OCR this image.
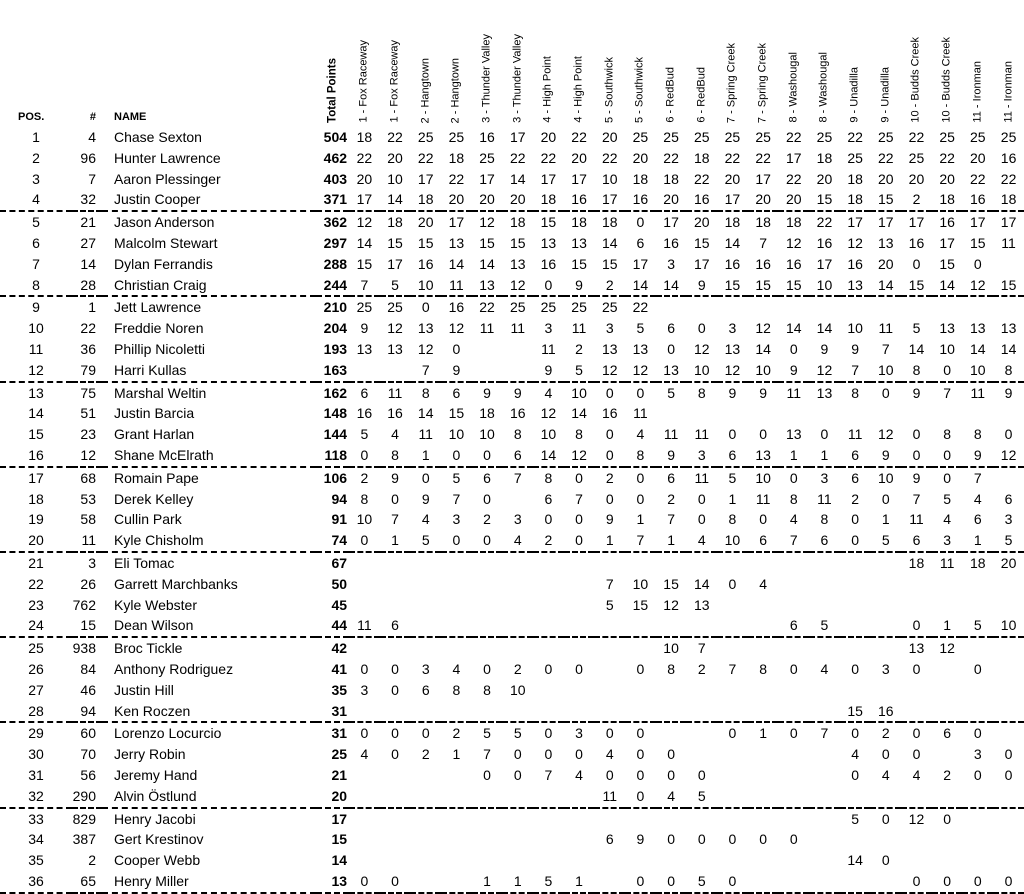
POS.	#	NAME	Total Points	1 - Fox Raceway	1 - Fox Raceway	2 - Hangtown	2 - Hangtown	3 - Thunder Valley	3 - Thunder Valley	4 - High Point	4 - High Point	5 - Southwick	5 - Southwick	6 - RedBud	6 - RedBud	7 - Spring Creek	7 - Spring Creek	8 - Washougal	8 - Washougal	9 - Unadilla	9 - Unadilla	10 - Budds Creek	10 - Budds Creek	11 - Ironman	11 - Ironman

1	4	Chase Sexton	504	18	22	25	25	16	17	20	22	20	25	25	25	25	25	22	25	22	25	22	25	25	25
2	96	Hunter Lawrence	462	22	20	22	18	25	22	22	20	22	20	22	18	22	22	17	18	25	22	25	22	20	16
3	7	Aaron Plessinger	403	20	10	17	22	17	14	17	17	10	18	18	22	20	17	22	20	18	20	20	20	22	22
4	32	Justin Cooper	371	17	14	18	20	20	20	18	16	17	16	20	16	17	20	20	15	18	15	2	18	16	18
5	21	Jason Anderson	362	12	18	20	17	12	18	15	18	18	0	17	20	18	18	18	22	17	17	17	16	17	17
6	27	Malcolm Stewart	297	14	15	15	13	15	15	13	13	14	6	16	15	14	7	12	16	12	13	16	17	15	11
7	14	Dylan Ferrandis	288	15	17	16	14	14	13	16	15	15	17	3	17	16	16	16	17	16	20	0	15	0	
8	28	Christian Craig	244	7	5	10	11	13	12	0	9	2	14	14	9	15	15	15	10	13	14	15	14	12	15
9	1	Jett Lawrence	210	25	25	0	16	22	25	25	25	25	22												
10	22	Freddie Noren	204	9	12	13	12	11	11	3	11	3	5	6	0	3	12	14	14	10	11	5	13	13	13
11	36	Phillip Nicoletti	193	13	13	12	0			11	2	13	13	0	12	13	14	0	9	9	7	14	10	14	14
12	79	Harri Kullas	163			7	9			9	5	12	12	13	10	12	10	9	12	7	10	8	0	10	8
13	75	Marshal Weltin	162	6	11	8	6	9	9	4	10	0	0	5	8	9	9	11	13	8	0	9	7	11	9
14	51	Justin Barcia	148	16	16	14	15	18	16	12	14	16	11												
15	23	Grant Harlan	144	5	4	11	10	10	8	10	8	0	4	11	11	0	0	13	0	11	12	0	8	8	0
16	12	Shane McElrath	118	0	8	1	0	0	6	14	12	0	8	9	3	6	13	1	1	6	9	0	0	9	12
17	68	Romain Pape	106	2	9	0	5	6	7	8	0	2	0	6	11	5	10	0	3	6	10	9	0	7	
18	53	Derek Kelley	94	8	0	9	7	0		6	7	0	0	2	0	1	11	8	11	2	0	7	5	4	6
19	58	Cullin Park	91	10	7	4	3	2	3	0	0	9	1	7	0	8	0	4	8	0	1	11	4	6	3
20	11	Kyle Chisholm	74	0	1	5	0	0	4	2	0	1	7	1	4	10	6	7	6	0	5	6	3	1	5
21	3	Eli Tomac	67																			18	11	18	20
22	26	Garrett Marchbanks	50									7	10	15	14	0	4								
23	762	Kyle Webster	45									5	15	12	13										
24	15	Dean Wilson	44	11	6													6	5			0	1	5	10
25	938	Broc Tickle	42											10	7							13	12		
26	84	Anthony Rodriguez	41	0	0	3	4	0	2	0	0		0	8	2	7	8	0	4	0	3	0		0	
27	46	Justin Hill	35	3	0	6	8	8	10																
28	94	Ken Roczen	31																	15	16				
29	60	Lorenzo Locurcio	31	0	0	0	2	5	5	0	3	0	0			0	1	0	7	0	2	0	6	0	
30	70	Jerry Robin	25	4	0	2	1	7	0	0	0	4	0	0						4	0	0		3	0
31	56	Jeremy Hand	21					0	0	7	4	0	0	0	0					0	4	4	2	0	0
32	290	Alvin Östlund	20									11	0	4	5										
33	829	Henry Jacobi	17																	5	0	12	0		
34	387	Gert Krestinov	15									6	9	0	0	0	0	0							
35	2	Cooper Webb	14																	14	0				
36	65	Henry Miller	13	0	0			1	1	5	1		0	0	5	0						0	0	0	0
